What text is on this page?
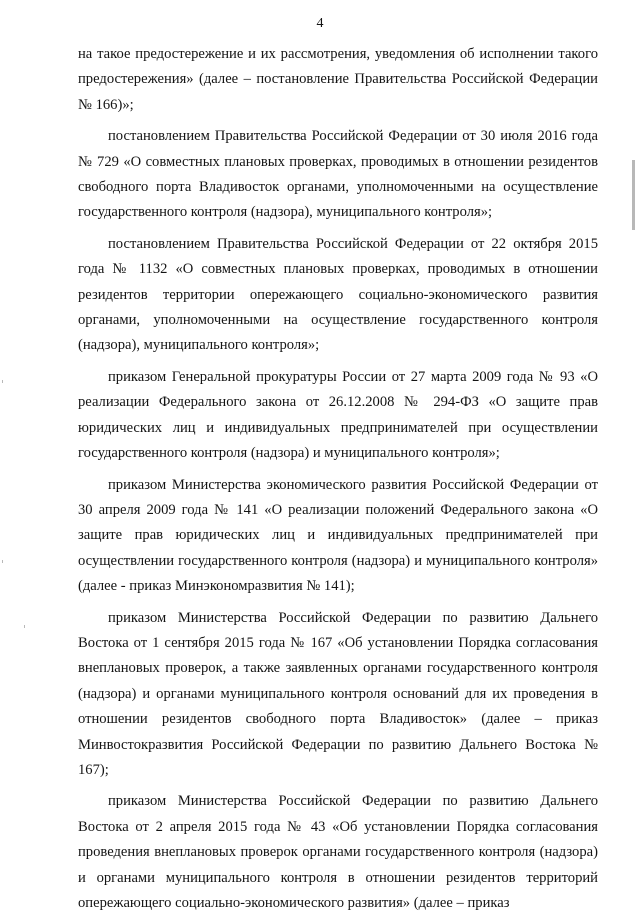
4

на такое предостережение и их рассмотрения, уведомления об исполнении такого предостережения» (далее – постановление Правительства Российской Федерации № 166)»;

постановлением Правительства Российской Федерации от 30 июля 2016 года № 729 «О совместных плановых проверках, проводимых в отношении резидентов свободного порта Владивосток органами, уполномоченными на осуществление государственного контроля (надзора), муниципального контроля»;

постановлением Правительства Российской Федерации от 22 октября 2015 года № 1132 «О совместных плановых проверках, проводимых в отношении резидентов территории опережающего социально-экономического развития органами, уполномоченными на осуществление государственного контроля (надзора), муниципального контроля»;

приказом Генеральной прокуратуры России от 27 марта 2009 года № 93 «О реализации Федерального закона от 26.12.2008 № 294-ФЗ «О защите прав юридических лиц и индивидуальных предпринимателей при осуществлении государственного контроля (надзора) и муниципального контроля»;

приказом Министерства экономического развития Российской Федерации от 30 апреля 2009 года № 141 «О реализации положений Федерального закона «О защите прав юридических лиц и индивидуальных предпринимателей при осуществлении государственного контроля (надзора) и муниципального контроля» (далее - приказ Минэкономразвития № 141);

приказом Министерства Российской Федерации по развитию Дальнего Востока от 1 сентября 2015 года № 167 «Об установлении Порядка согласования внеплановых проверок, а также заявленных органами государственного контроля (надзора) и органами муниципального контроля оснований для их проведения в отношении резидентов свободного порта Владивосток» (далее – приказ Минвостокразвития Российской Федерации по развитию Дальнего Востока № 167);

приказом Министерства Российской Федерации по развитию Дальнего Востока от 2 апреля 2015 года № 43 «Об установлении Порядка согласования проведения внеплановых проверок органами государственного контроля (надзора) и органами муниципального контроля в отношении резидентов территорий опережающего социально-экономического развития» (далее – приказ
